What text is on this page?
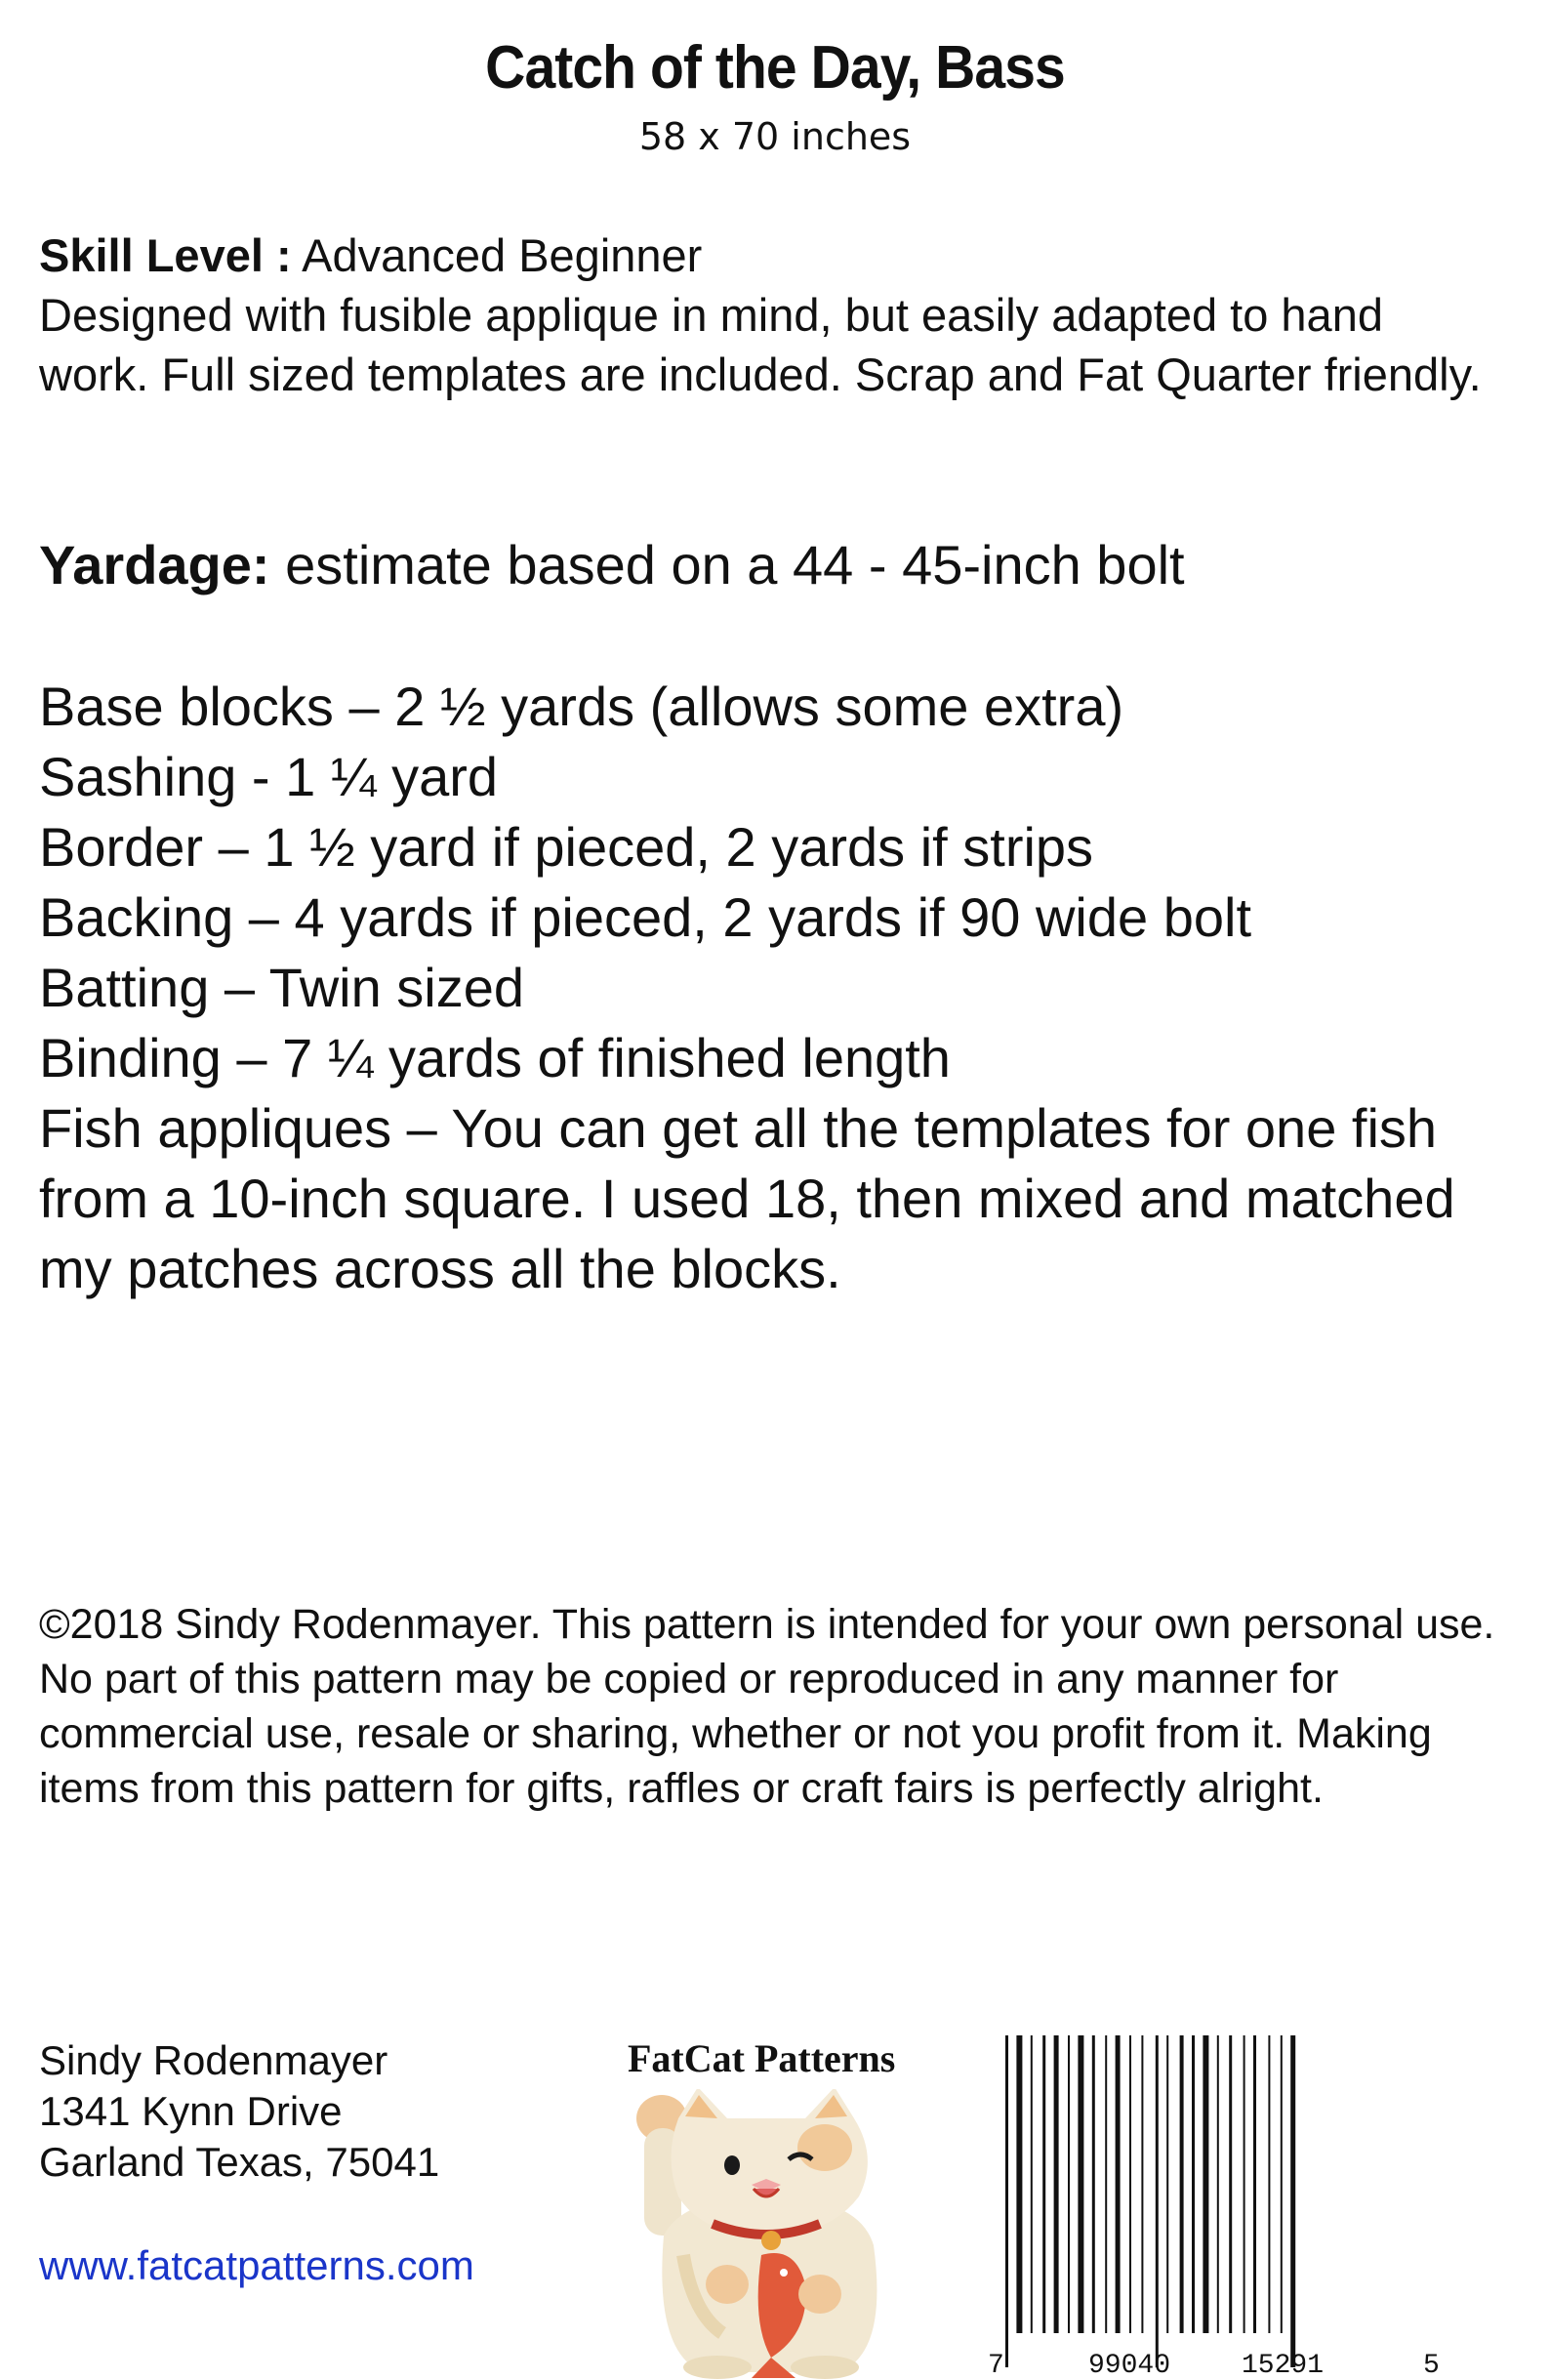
Catch of the Day, Bass

58 x 70 inches

Skill Level : Advanced Beginner

Designed with fusible applique in mind, but easily adapted to hand work. Full sized templates are included. Scrap and Fat Quarter friendly.

Yardage: estimate based on a 44 - 45-inch bolt

Base blocks – 2 ½ yards (allows some extra)
Sashing - 1 ¼ yard
Border – 1 ½ yard if pieced, 2 yards if strips
Backing – 4 yards if pieced, 2 yards if 90 wide bolt
Batting – Twin sized
Binding – 7 ¼ yards of finished length
Fish appliques – You can get all the templates for one fish from a 10-inch square. I used 18, then mixed and matched my patches across all the blocks.

©2018 Sindy Rodenmayer. This pattern is intended for your own personal use. No part of this pattern may be copied or reproduced in any manner for commercial use, resale or sharing, whether or not you profit from it. Making items from this pattern for gifts, raffles or craft fairs is perfectly alright.

Sindy Rodenmayer
1341 Kynn Drive
Garland Texas, 75041
www.fatcatpatterns.com

FatCat Patterns

7	99040	15291	5
